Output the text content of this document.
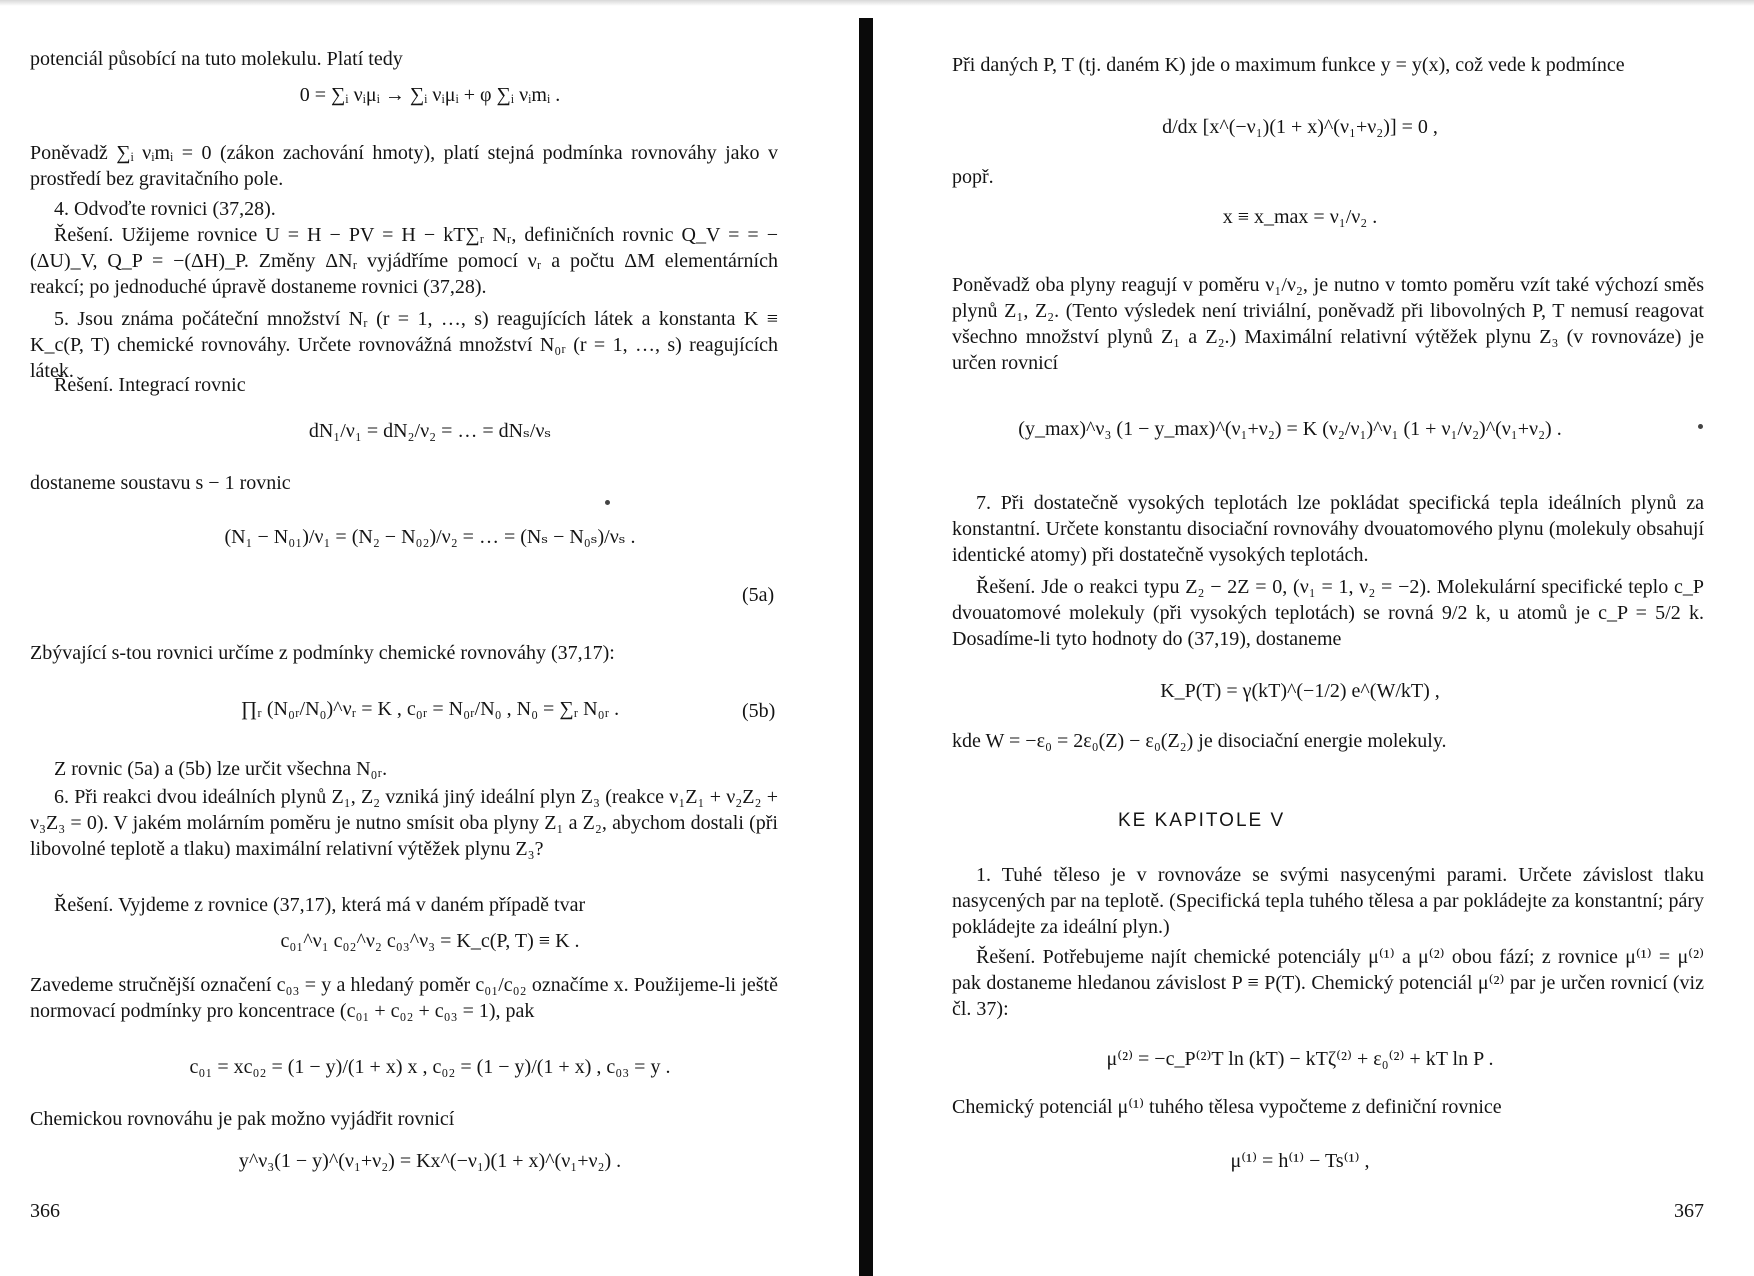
potenciál působící na tuto molekulu. Platí tedy
0 = ∑ᵢ νᵢμᵢ → ∑ᵢ νᵢμᵢ + φ ∑ᵢ νᵢmᵢ .
Poněvadž ∑ᵢ νᵢmᵢ = 0 (zákon zachování hmoty), platí stejná podmínka rovnováhy jako v prostředí bez gravitačního pole.
4. Odvoďte rovnici (37,28).
Řešení. Užijeme rovnice U = H − PV = H − kT∑ᵣ Nᵣ, definičních rovnic Q_V = = −(ΔU)_V, Q_P = −(ΔH)_P. Změny ΔNᵣ vyjádříme pomocí νᵣ a počtu ΔM elementárních reakcí; po jednoduché úpravě dostaneme rovnici (37,28).
5. Jsou známa počáteční množství Nᵣ (r = 1, …, s) reagujících látek a konstanta K ≡ K_c(P, T) chemické rovnováhy. Určete rovnovážná množství N₀ᵣ (r = 1, …, s) reagujících látek.
Řešení. Integrací rovnic
dN₁/ν₁ = dN₂/ν₂ = … = dNₛ/νₛ
dostaneme soustavu s − 1 rovnic
(N₁ − N₀₁)/ν₁ = (N₂ − N₀₂)/ν₂ = … = (Nₛ − N₀ₛ)/νₛ .
(5a)
Zbývající s-tou rovnici určíme z podmínky chemické rovnováhy (37,17):
∏ᵣ (N₀ᵣ/N₀)^νᵣ = K , c₀ᵣ = N₀ᵣ/N₀ , N₀ = ∑ᵣ N₀ᵣ .	(5b)
Z rovnic (5a) a (5b) lze určit všechna N₀ᵣ.
6. Při reakci dvou ideálních plynů Z₁, Z₂ vzniká jiný ideální plyn Z₃ (reakce ν₁Z₁ + ν₂Z₂ + ν₃Z₃ = 0). V jakém molárním poměru je nutno smísit oba plyny Z₁ a Z₂, abychom dostali (při libovolné teplotě a tlaku) maximální relativní výtěžek plynu Z₃?
Řešení. Vyjdeme z rovnice (37,17), která má v daném případě tvar
c₀₁^ν₁ c₀₂^ν₂ c₀₃^ν₃ = K_c(P, T) ≡ K .
Zavedeme stručnější označení c₀₃ = y a hledaný poměr c₀₁/c₀₂ označíme x. Použijeme-li ještě normovací podmínky pro koncentrace (c₀₁ + c₀₂ + c₀₃ = 1), pak
c₀₁ = xc₀₂ = (1 − y)/(1 + x) x , c₀₂ = (1 − y)/(1 + x) , c₀₃ = y .
Chemickou rovnováhu je pak možno vyjádřit rovnicí
y^ν₃(1 − y)^(ν₁+ν₂) = Kx^(−ν₁)(1 + x)^(ν₁+ν₂) .
366
Při daných P, T (tj. daném K) jde o maximum funkce y = y(x), což vede k podmínce
d/dx [x^(−ν₁)(1 + x)^(ν₁+ν₂)] = 0 ,
popř.
x ≡ x_max = ν₁/ν₂ .
Poněvadž oba plyny reagují v poměru ν₁/ν₂, je nutno v tomto poměru vzít také výchozí směs plynů Z₁, Z₂. (Tento výsledek není triviální, poněvadž při libovolných P, T nemusí reagovat všechno množství plynů Z₁ a Z₂.) Maximální relativní výtěžek plynu Z₃ (v rovnováze) je určen rovnicí
(y_max)^ν₃ (1 − y_max)^(ν₁+ν₂) = K (ν₂/ν₁)^ν₁ (1 + ν₁/ν₂)^(ν₁+ν₂) .
7. Při dostatečně vysokých teplotách lze pokládat specifická tepla ideálních plynů za konstantní. Určete konstantu disociační rovnováhy dvouatomového plynu (molekuly obsahují identické atomy) při dostatečně vysokých teplotách.
Řešení. Jde o reakci typu Z₂ − 2Z = 0, (ν₁ = 1, ν₂ = −2). Molekulární specifické teplo c_P dvouatomové molekuly (při vysokých teplotách) se rovná 9/2 k, u atomů je c_P = 5/2 k. Dosadíme-li tyto hodnoty do (37,19), dostaneme
K_P(T) = γ(kT)^(−1/2) e^(W/kT) ,
kde W = −ε₀ = 2ε₀(Z) − ε₀(Z₂) je disociační energie molekuly.
KE KAPITOLE V
1. Tuhé těleso je v rovnováze se svými nasycenými parami. Určete závislost tlaku nasycených par na teplotě. (Specifická tepla tuhého tělesa a par pokládejte za konstantní; páry pokládejte za ideální plyn.)
Řešení. Potřebujeme najít chemické potenciály μ⁽¹⁾ a μ⁽²⁾ obou fází; z rovnice μ⁽¹⁾ = μ⁽²⁾ pak dostaneme hledanou závislost P ≡ P(T). Chemický potenciál μ⁽²⁾ par je určen rovnicí (viz čl. 37):
μ⁽²⁾ = −c_P⁽²⁾T ln (kT) − kTζ⁽²⁾ + ε₀⁽²⁾ + kT ln P .
Chemický potenciál μ⁽¹⁾ tuhého tělesa vypočteme z definiční rovnice
μ⁽¹⁾ = h⁽¹⁾ − Ts⁽¹⁾ ,
367
